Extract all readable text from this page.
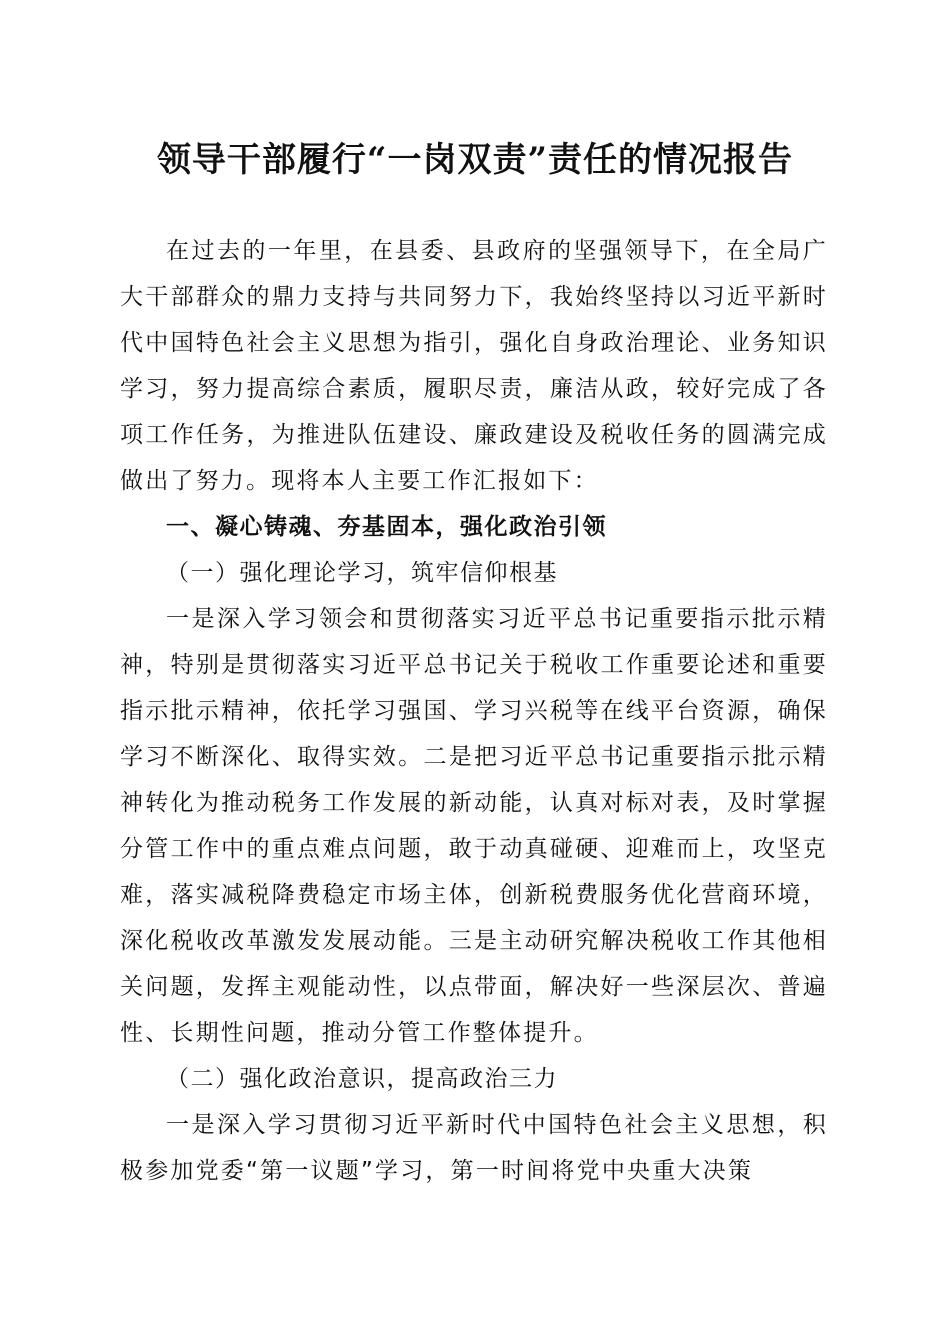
领导干部履行“一岗双责”责任的情况报告

在过去的一年里，在县委、县政府的坚强领导下，在全局广大干部群众的鼎力支持与共同努力下，我始终坚持以习近平新时代中国特色社会主义思想为指引，强化自身政治理论、业务知识学习，努力提高综合素质，履职尽责，廉洁从政，较好完成了各项工作任务，为推进队伍建设、廉政建设及税收任务的圆满完成做出了努力。现将本人主要工作汇报如下：

一、凝心铸魂、夯基固本，强化政治引领

（一）强化理论学习，筑牢信仰根基

一是深入学习领会和贯彻落实习近平总书记重要指示批示精神，特别是贯彻落实习近平总书记关于税收工作重要论述和重要指示批示精神，依托学习强国、学习兴税等在线平台资源，确保学习不断深化、取得实效。二是把习近平总书记重要指示批示精神转化为推动税务工作发展的新动能，认真对标对表，及时掌握分管工作中的重点难点问题，敢于动真碰硬、迎难而上，攻坚克难，落实减税降费稳定市场主体，创新税费服务优化营商环境，深化税收改革激发发展动能。三是主动研究解决税收工作其他相关问题，发挥主观能动性，以点带面，解决好一些深层次、普遍性、长期性问题，推动分管工作整体提升。

（二）强化政治意识，提高政治三力

一是深入学习贯彻习近平新时代中国特色社会主义思想，积极参加党委“第一议题”学习，第一时间将党中央重大决策
